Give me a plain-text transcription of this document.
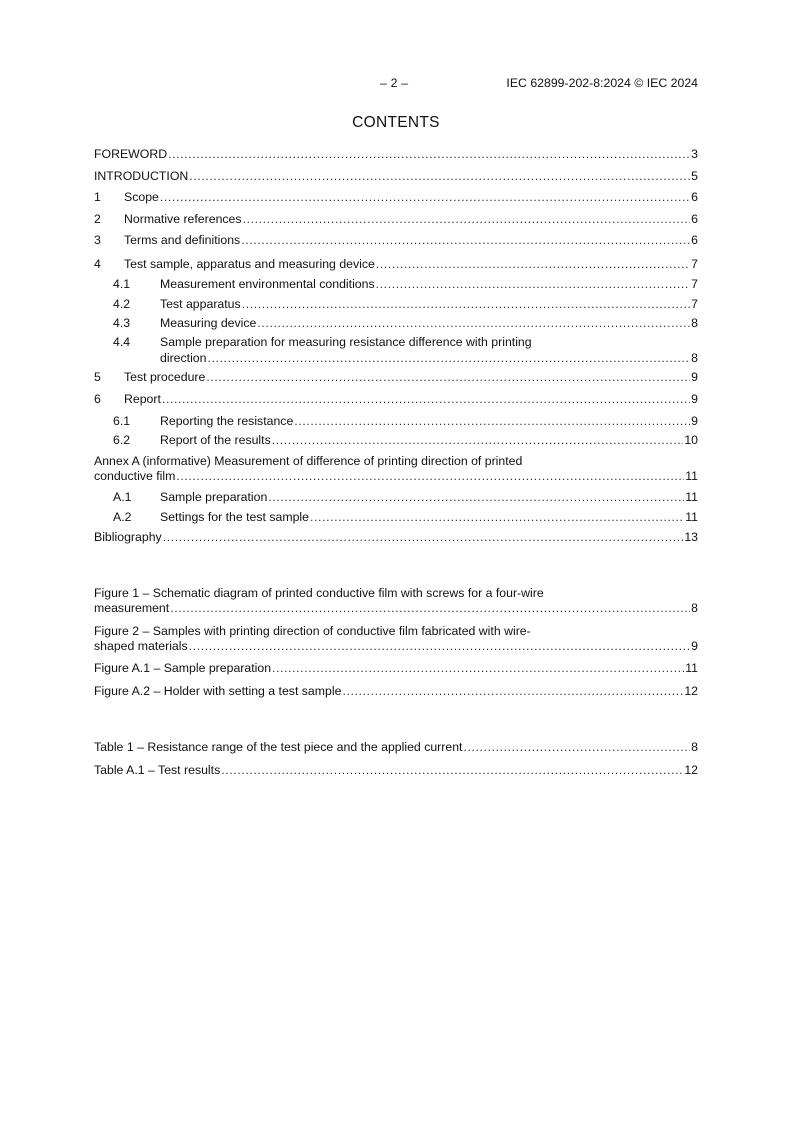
– 2 –	IEC 62899-202-8:2024 © IEC 2024
CONTENTS
FOREWORD .....	3
INTRODUCTION .....	5
1 Scope .....	6
2 Normative references .....	6
3 Terms and definitions .....	6
4 Test sample, apparatus and measuring device .....	7
4.1 Measurement environmental conditions .....	7
4.2 Test apparatus .....	7
4.3 Measuring device .....	8
4.4 Sample preparation for measuring resistance difference with printing
direction .....	8
5 Test procedure .....	9
6 Report .....	9
6.1 Reporting the resistance .....	9
6.2 Report of the results .....	10
Annex A (informative) Measurement of difference of printing direction of printed
conductive film .....	11
A.1 Sample preparation .....	11
A.2 Settings for the test sample .....	11
Bibliography .....	13
Figure 1 – Schematic diagram of printed conductive film with screws for a four-wire
measurement .....	8
Figure 2 – Samples with printing direction of conductive film fabricated with wire-
shaped materials .....	9
Figure A.1 – Sample preparation .....	11
Figure A.2 – Holder with setting a test sample .....	12
Table 1 – Resistance range of the test piece and the applied current .....	8
Table A.1 – Test results .....	12
